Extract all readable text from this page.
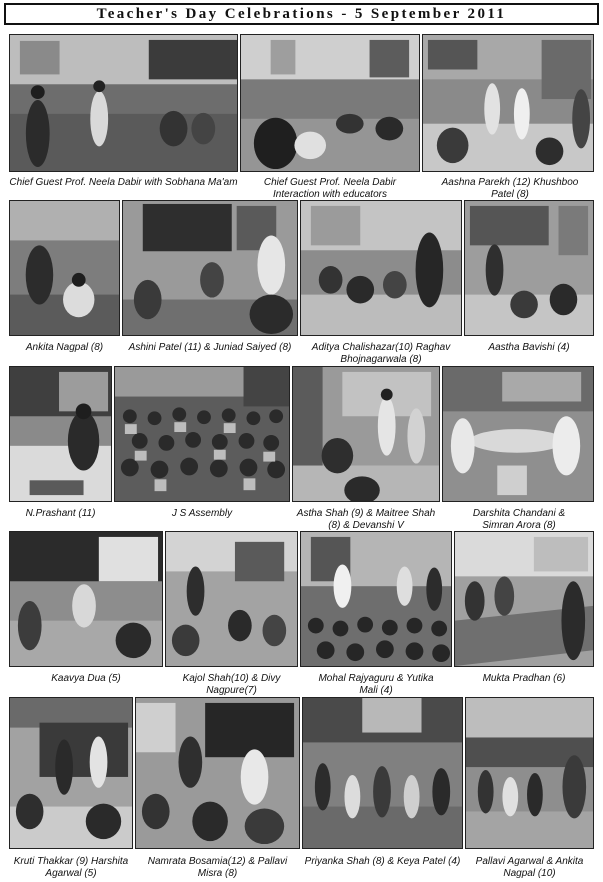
Teacher's Day Celebrations - 5 September 2011
Chief Guest Prof. Neela Dabir with Sobhana Ma'am	Chief Guest Prof. Neela Dabir Interaction with educators
Aashna Parekh (12) Khushboo Patel (8)
Ankita Nagpal (8)	Ashini Patel (11) & Juniad Saiyed (8)	Aditya Chalishazar(10) Raghav Bhojnagarwala (8)
Aastha Bavishi (4)
N.Prashant (11)	J S Assembly	Astha Shah (9) & Maitree Shah (8) & Devanshi V
Darshita Chandani & Simran Arora (8)
Kaavya Dua (5)	Kajol Shah(10) & Divy Nagpure(7)
Mohal Rajyaguru & Yutika Mali (4)
Mukta Pradhan (6)
Kruti Thakkar (9) Harshita Agarwal (5)
Namrata Bosamia(12) & Pallavi Misra (8)
Priyanka Shah (8) & Keya Patel (4)	Pallavi Agarwal & Ankita Nagpal (10)
